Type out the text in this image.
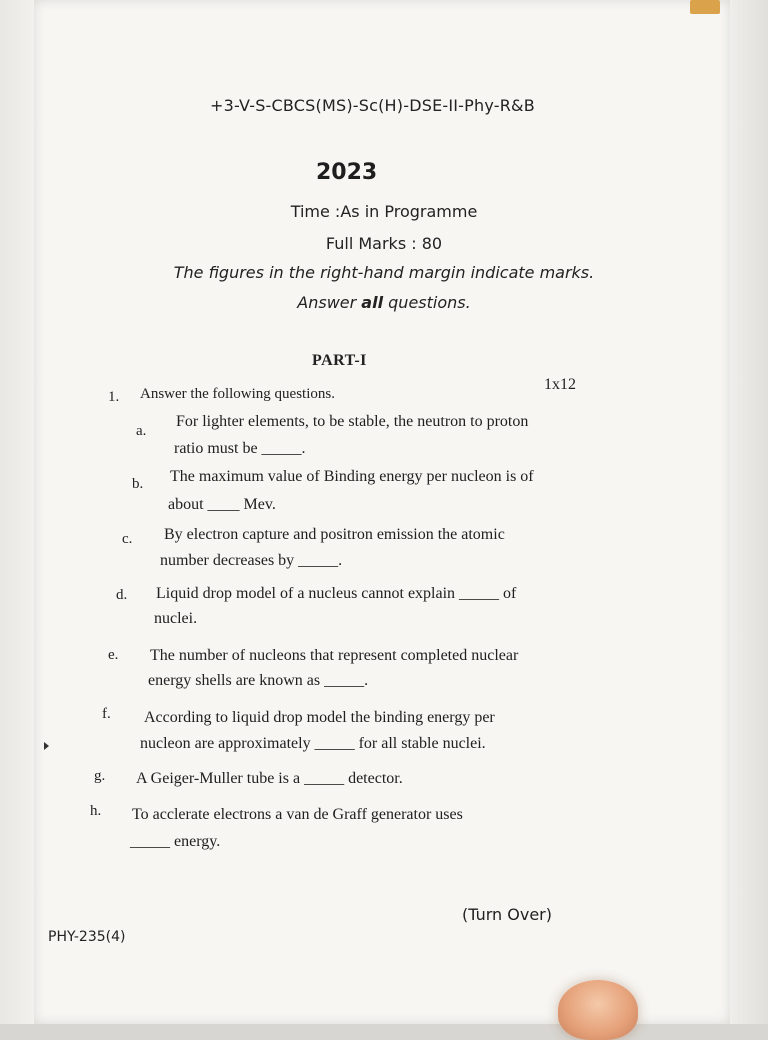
+3-V-S-CBCS(MS)-Sc(H)-DSE-II-Phy-R&B
2023
Time :As in Programme
Full Marks : 80
The figures in the right-hand margin indicate marks.
Answer all questions.
PART-I
1. Answer the following questions.
1x12
a.
For lighter elements, to be stable, the neutron to proton
ratio must be _____.
b. The maximum value of Binding energy per nucleon is of
about ____ Mev.
c. By electron capture and positron emission the atomic
number decreases by _____.
d. Liquid drop model of a nucleus cannot explain _____ of
nuclei.
e. The number of nucleons that represent completed nuclear
energy shells are known as _____.
f. According to liquid drop model the binding energy per
nucleon are approximately _____ for all stable nuclei.
g. A Geiger-Muller tube is a _____ detector.
h. To acclerate electrons a van de Graff generator uses
_____ energy.
(Turn Over)
PHY-235(4)
